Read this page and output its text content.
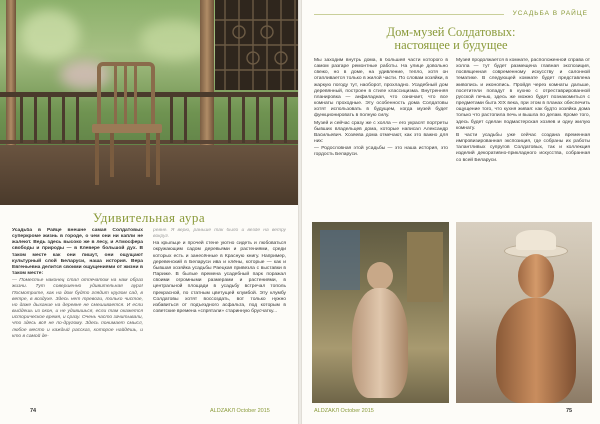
Удивительная аура

Усадьба в Райце внешне самая Солдатовых суперкроме жизнь в городе, о чем они ни капли не жалеют. Ведь здесь высоко же в лесу, и Атмосфера свободы и природы — в Клевере большой дух. В таком месте как они пишут, они ощущают культурный слой Беларуси, наша история. Вера Евгеньевна делится своими ощущениями от жизни в таком месте:

— Поместье наконец стал отпечатом на нам образ жизни. Тут совершенно удивительная аура! Посмотрите, как на дом будто глядит кругом сад, в ветре, в воздухе. Здесь нет тревоги, только чистое, но даже дыхание на деревне не смешивается. И если выйдешь из окон, и не удивишься, если там окажется историческое время, и сразу. Очень часто зачитывали, что здесь всё не по-другому. Здесь понимает смысл, любое место и каждый рассказ, которое найдёшь, и кто в самой де-

ревне. Я верю, раньше так было и везде на ветру вокруг.

На крыльце и прочей стене уютно сидеть и любоваться окружающим садом деревьями и растениями, среди которых есть и занесённые в Красную книгу. Например, деревенский в Беларуси ива и клёны, которые — как и бывшая хозяйка усадьбы Раецкая привезла с выставки в Париже. В былые времена усадебный парк поражал своими огромными размерами и растениями, в центральной площади в усадьбу встречал тополь прекрасной, по статным цветущей клумбой. Эту клумбу Солдатовы хотят воссоздать, вот только нужно избавиться от подъездного асфальта, под которым в советские времена «спрятали» старинную брусчатку...

74	ALDZAKЛ October 2015
УСАДЬБА В РАЙЦЕ
Дом-музей Солдатовых:
настоящее и будущее

Мы заходим внутрь дома, в большей части которого в самом разгаре ремонтные работы. На улице довольно свежо, но в доме, на удивление, тепло, хотя он отапливается только в жилой части. По словам хозяйки, в жаркую погоду тут, наоборот, прохладно. Усадебный дом деревянный, построен в стиле классицизма. Внутренняя планировка — анфиладная, что означает, что все комнаты проходные. Эту особенность дома Солдатовы хотят использовать в будущем, когда музей будет функционировать в полную силу.

Музей и сейчас сразу же с холла — его украсят портреты бывших владельцев дома, которые написал Александр Васильевич. Хозяева дома отмечают, как это важно для них:

— Родословная этой усадьбы — это наша история, это гордость Беларуси.

Музей продолжается в комнате, расположенной справа от холла — тут будет размещена главная экспозиция, посвященная современному искусству и салонной тематике. В следующей комнате будет представлена живопись и иконопись. Пройдя через комнаты дальше, посетители попадут в кухню с отреставрированной русской печью, здесь же можно будет познакомиться с предметами быта XIX века, при этом в планах обеспечить ощущение того, что кухня живая: как будто хозяйка дома только что растопила печь и вышла по делам. Кроме того, здесь будет сделан подмастерская хозяев и одну жилую комнату.

В части усадьбы уже сейчас создана временная импровизированная экспозиция, где собраны их работы талантливых супругов Солдатовых, так и коллекция изделий декоративно-прикладного искусства, собранная со всей Беларуси.

ALDZAKЛ October 2015	75
